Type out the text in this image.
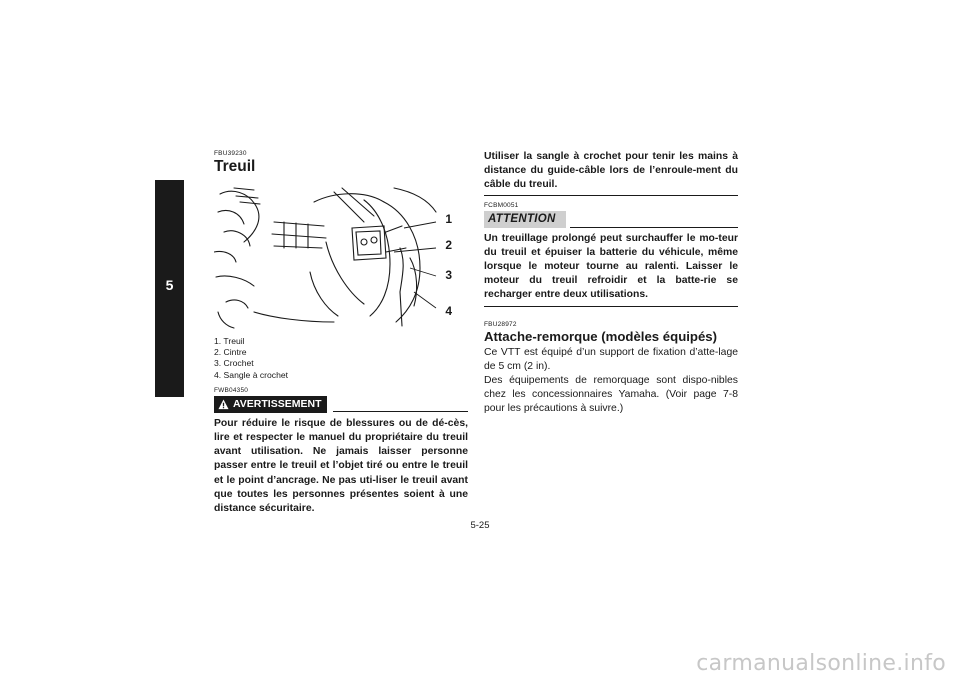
5

FBU39230

Treuil
1
2
3
4
1. Treuil
2. Cintre
3. Crochet
4. Sangle à crochet

FWB04350

AVERTISSEMENT

Pour réduire le risque de blessures ou de dé-cès, lire et respecter le manuel du propriétaire du treuil avant utilisation. Ne jamais laisser personne passer entre le treuil et l’objet tiré ou entre le treuil et le point d’ancrage. Ne pas uti-liser le treuil avant que toutes les personnes présentes soient à une distance sécuritaire.

Utiliser la sangle à crochet pour tenir les mains à distance du guide-câble lors de l’enroule-ment du câble du treuil.

FCBM0051

ATTENTION

Un treuillage prolongé peut surchauffer le mo-teur du treuil et épuiser la batterie du véhicule, même lorsque le moteur tourne au ralenti. Laisser le moteur du treuil refroidir et la batte-rie se recharger entre deux utilisations.

FBU28972

Attache-remorque (modèles équipés)

Ce VTT est équipé d’un support de fixation d’atte-lage de 5 cm (2 in).

Des équipements de remorquage sont dispo-nibles chez les concessionnaires Yamaha. (Voir page 7-8 pour les précautions à suivre.)

5-25
carmanualsonline.info
